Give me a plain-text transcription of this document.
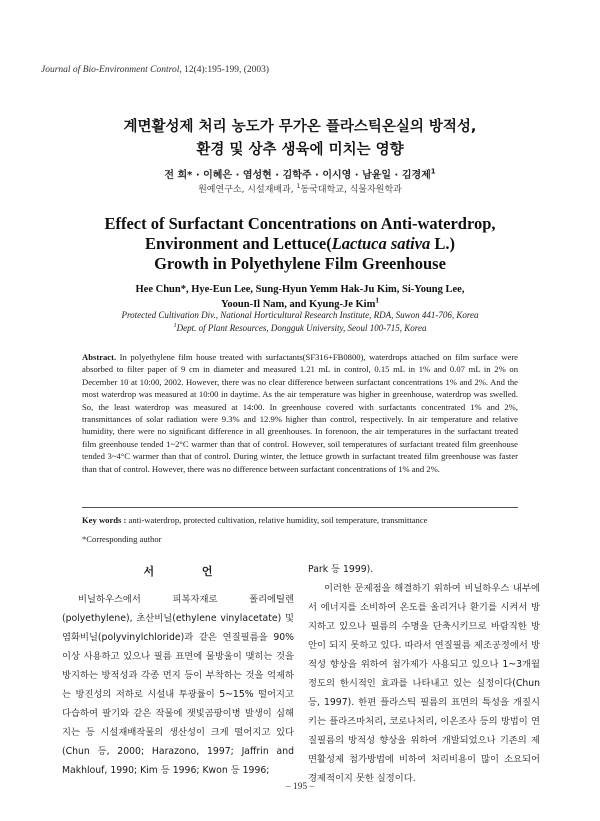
Journal of Bio-Environment Control, 12(4):195-199, (2003)
계면활성제 처리 농도가 무가온 플라스틱온실의 방적성,
환경 및 상추 생육에 미치는 영향
전 희* · 이혜은 · 염성현 · 김학주 · 이시영 · 남윤일 · 김경제$^1$
원예연구소, 시설재배과, $^1$동국대학교, 식물자원학과
Effect of Surfactant Concentrations on Anti-waterdrop,
Environment and Lettuce(Lactuca sativa L.)
Growth in Polyethylene Film Greenhouse
Hee Chun*, Hye-Eun Lee, Sung-Hyun Yemm Hak-Ju Kim, Si-Young Lee,
Yooun-Il Nam, and Kyung-Je Kim$^1$
Protected Cultivation Div., National Horticultural Research Institute, RDA, Suwon 441-706, Korea
$^1$Dept. of Plant Resources, Dongguk University, Seoul 100-715, Korea
Abstract. In polyethylene film house treated with surfactants(SF316+FB0800), waterdrops attached on film surface were absorbed to filter paper of 9 cm in diameter and measured 1.21 mL in control, 0.15 mL in 1% and 0.07 mL in 2% on December 10 at 10:00, 2002. However, there was no clear difference between surfactant concentrations 1% and 2%. And the most waterdrop was measured at 10:00 in daytime. As the air temperature was higher in greenhouse, waterdrop was swelled. So, the least waterdrop was measured at 14:00. In greenhouse covered with surfactants concentrated 1% and 2%, transmittances of solar radiation were 9.3% and 12.9% higher than control, respectively. In air temperature and relative humidity, there were no significant difference in all greenhouses. In forenoon, the air temperatures in the surfactant treated film greenhouse tended 1~2°C warmer than that of control. However, soil temperatures of surfactant treated film greenhouse tended 3~4°C warmer than that of control. During winter, the lettuce growth in surfactant treated film greenhouse was faster than that of control. However, there was no difference between surfactant concentrations of 1% and 2%.
Key words : anti-waterdrop, protected cultivation, relative humidity, soil temperature, transmittance
*Corresponding author
서 언

비닐하우스에서 피복자재로 폴리에틸렌(polyethylene), 초산비닐(ethylene vinylacetate) 및 염화비닐(polyvinylchloride)과 같은 연질필름을 90% 이상 사용하고 있으나 필름 표면에 물방울이 맺히는 것을 방지하는 방적성과 각종 먼지 등이 부착하는 것을 억제하는 방진성의 저하로 시설내 투광률이 5~15% 떨어지고 다습하여 팔기와 같은 작물에 잿빛곰팡이병 발생이 심해지는 등 시설재배작물의 생산성이 크게 떨어지고 있다(Chun 등, 2000; Harazono, 1997; Jaffrin and Makhlouf, 1990; Kim 등 1996; Kwon 등 1996;

Park 등 1999).

이러한 문제점을 해결하기 위하여 비닐하우스 내부에서 에너지를 소비하여 온도를 올리거나 환기를 시켜서 방지하고 있으나 필름의 수명을 단축시키므로 바람직한 방안이 되지 못하고 있다. 따라서 연질필름 제조공정에서 방적성 향상을 위하여 첨가제가 사용되고 있으나 1~3개월 정도의 한시적인 효과를 나타내고 있는 실정이다(Chun 등, 1997). 한편 플라스틱 필름의 표면의 특성을 개질시키는 플라즈마처리, 코로나처리, 이온조사 등의 방법이 연질필름의 방적성 향상을 위하여 개발되었으나 기존의 제면활성제 첨가방법에 비하여 처리비용이 많이 소요되어 경제적이지 못한 실정이다.

– 195 –
